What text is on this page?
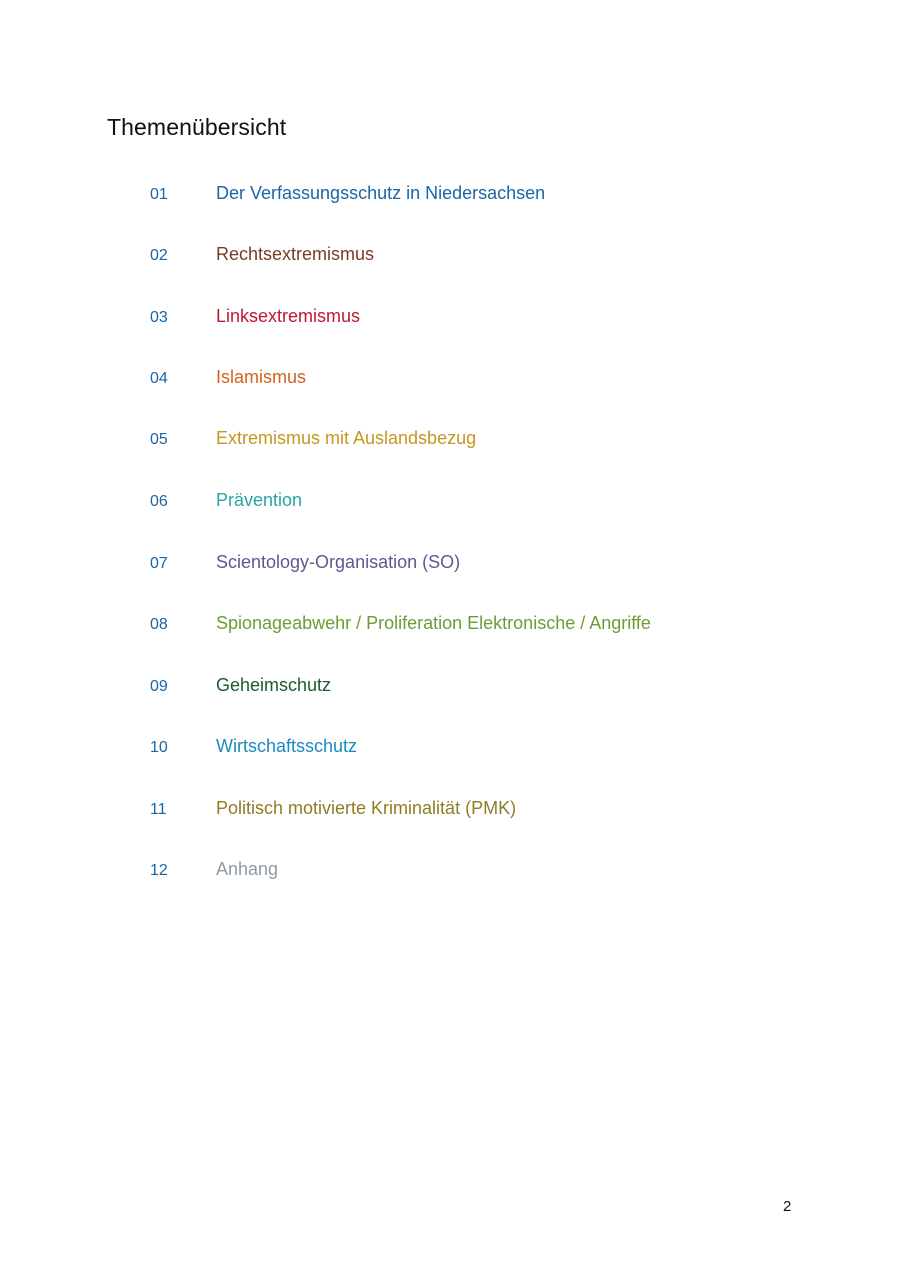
Themenübersicht
01	Der Verfassungsschutz in Niedersachsen
02	Rechtsextremismus
03	Linksextremismus
04	Islamismus
05	Extremismus mit Auslandsbezug
06	Prävention
07	Scientology-Organisation (SO)
08	Spionageabwehr / Proliferation Elektronische / Angriffe
09	Geheimschutz
10	Wirtschaftsschutz
11	Politisch motivierte Kriminalität (PMK)
12	Anhang
2
